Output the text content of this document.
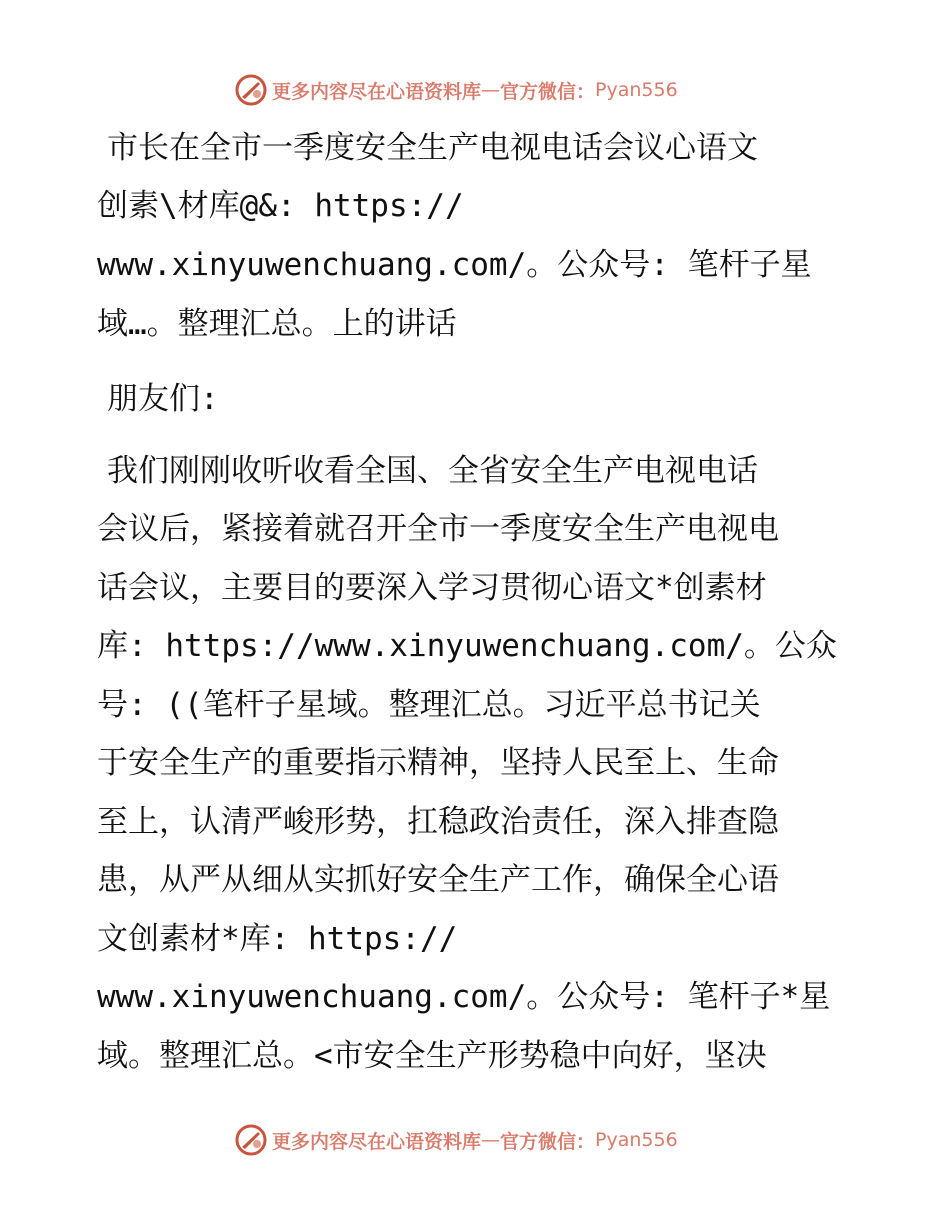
更多内容尽在心语资料库 — 官方微信： Pyan556
市长在全市一季度安全生产电视电话会议心语文
创素\材库@&: https://
www.xinyuwenchuang.com/。公众号: 笔杆子星
域…。整理汇总。上的讲话
朋友们:
我们刚刚收听收看全国、全省安全生产电视电话
会议后，紧接着就召开全市一季度安全生产电视电
话会议，主要目的要深入学习贯彻心语文*创素材
库: https://www.xinyuwenchuang.com/。公众
号: ((笔杆子星域。整理汇总。习近平总书记关
于安全生产的重要指示精神，坚持人民至上、生命
至上，认清严峻形势，扛稳政治责任，深入排查隐
患，从严从细从实抓好安全生产工作，确保全心语
文创素材*库: https://
www.xinyuwenchuang.com/。公众号: 笔杆子*星
域。整理汇总。<市安全生产形势稳中向好，坚决
更多内容尽在心语资料库 — 官方微信： Pyan556
